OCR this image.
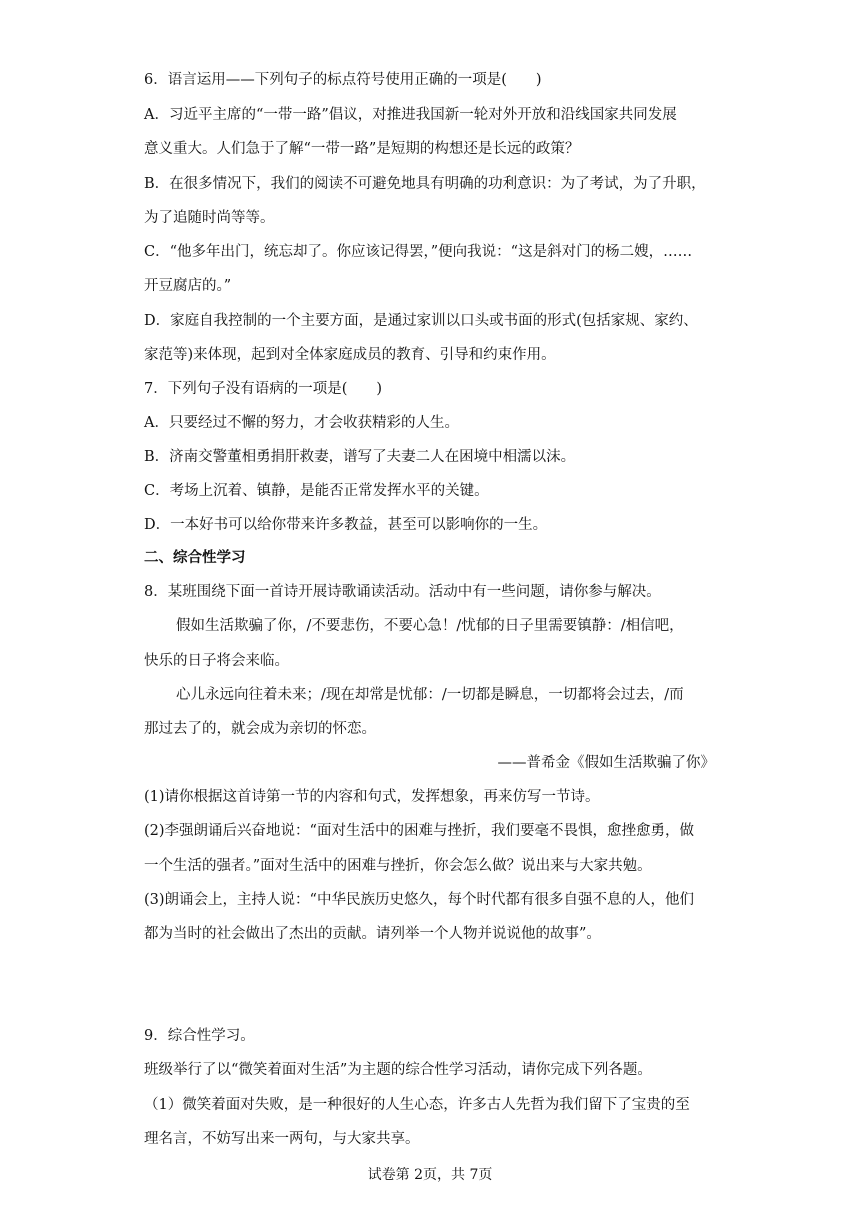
6．语言运用——下列句子的标点符号使用正确的一项是(　　)
A．习近平主席的“一带一路”倡议，对推进我国新一轮对外开放和沿线国家共同发展
意义重大。人们急于了解“一带一路”是短期的构想还是长远的政策？
B．在很多情况下，我们的阅读不可避免地具有明确的功利意识：为了考试，为了升职，
为了追随时尚等等。
C．“他多年出门，统忘却了。你应该记得罢，”便向我说：“这是斜对门的杨二嫂，……
开豆腐店的。”
D．家庭自我控制的一个主要方面，是通过家训以口头或书面的形式(包括家规、家约、
家范等)来体现，起到对全体家庭成员的教育、引导和约束作用。
7．下列句子没有语病的一项是(　　)
A．只要经过不懈的努力，才会收获精彩的人生。
B．济南交警董相勇捐肝救妻，谱写了夫妻二人在困境中相濡以沫。
C．考场上沉着、镇静，是能否正常发挥水平的关键。
D．一本好书可以给你带来许多教益，甚至可以影响你的一生。
二、综合性学习
8．某班围绕下面一首诗开展诗歌诵读活动。活动中有一些问题，请你参与解决。
假如生活欺骗了你，/不要悲伤，不要心急！/忧郁的日子里需要镇静：/相信吧，
快乐的日子将会来临。
心儿永远向往着未来；/现在却常是忧郁：/一切都是瞬息，一切都将会过去，/而
那过去了的，就会成为亲切的怀恋。
——普希金《假如生活欺骗了你》
(1)请你根据这首诗第一节的内容和句式，发挥想象，再来仿写一节诗。
(2)李强朗诵后兴奋地说：“面对生活中的困难与挫折，我们要毫不畏惧，愈挫愈勇，做
一个生活的强者。”面对生活中的困难与挫折，你会怎么做？说出来与大家共勉。
(3)朗诵会上，主持人说：“中华民族历史悠久，每个时代都有很多自强不息的人，他们
都为当时的社会做出了杰出的贡献。请列举一个人物并说说他的故事”。
9．综合性学习。
班级举行了以“微笑着面对生活”为主题的综合性学习活动，请你完成下列各题。
（1）微笑着面对失败，是一种很好的人生心态，许多古人先哲为我们留下了宝贵的至
理名言，不妨写出来一两句，与大家共享。
试卷第 2页，共 7页
